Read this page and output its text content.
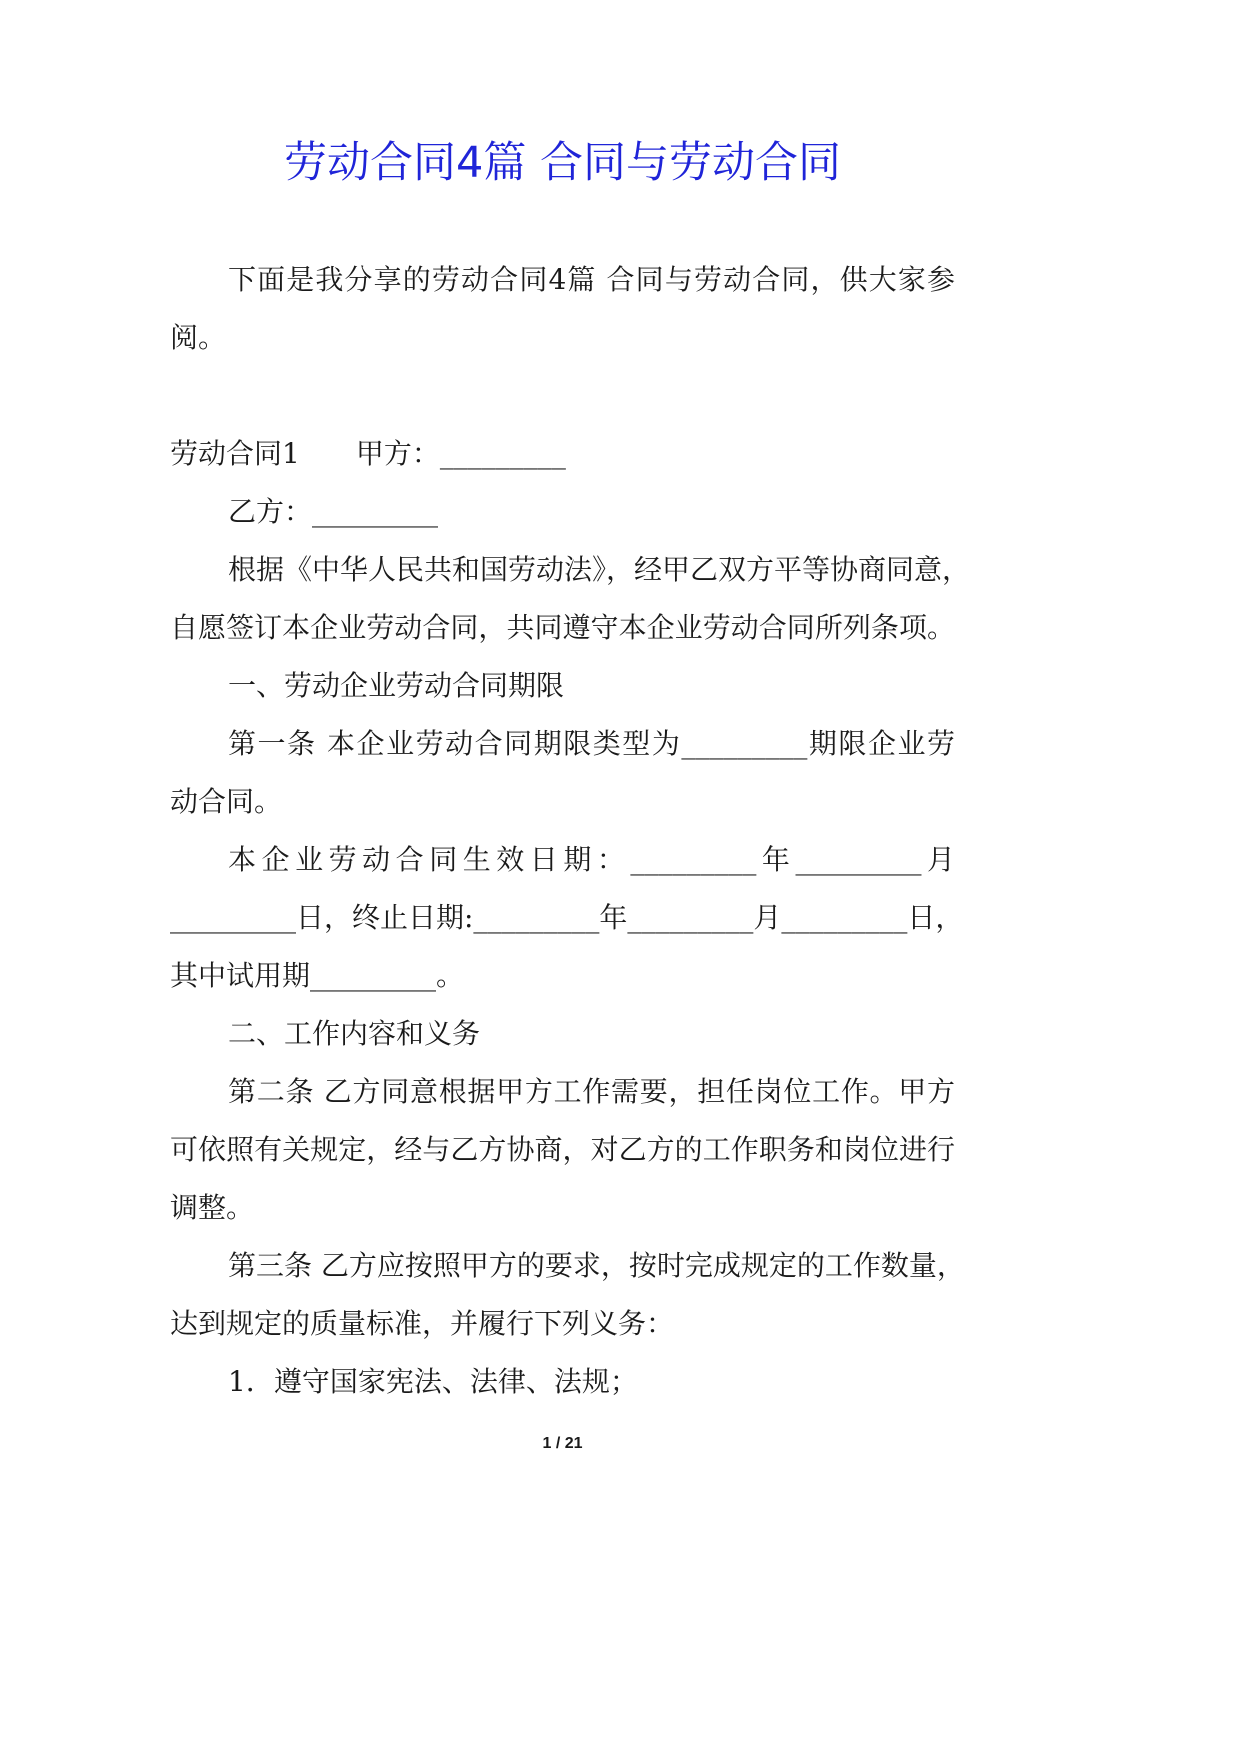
劳动合同4篇 合同与劳动合同
下面是我分享的劳动合同4篇 合同与劳动合同，供大家参
阅。
劳动合同1　　甲方：_________
乙方：_________
根据《中华人民共和国劳动法》，经甲乙双方平等协商同意，
自愿签订本企业劳动合同，共同遵守本企业劳动合同所列条项。
一、劳动企业劳动合同期限
第一条 本企业劳动合同期限类型为_________期限企业劳
动合同。
本企业劳动合同生效日期：_________年_________月
_________日，终止日期:_________年_________月_________日，
其中试用期_________。
二、工作内容和义务
第二条 乙方同意根据甲方工作需要，担任岗位工作。甲方
可依照有关规定，经与乙方协商，对乙方的工作职务和岗位进行
调整。
第三条 乙方应按照甲方的要求，按时完成规定的工作数量，
达到规定的质量标准，并履行下列义务：
1．遵守国家宪法、法律、法规；
1 / 21
